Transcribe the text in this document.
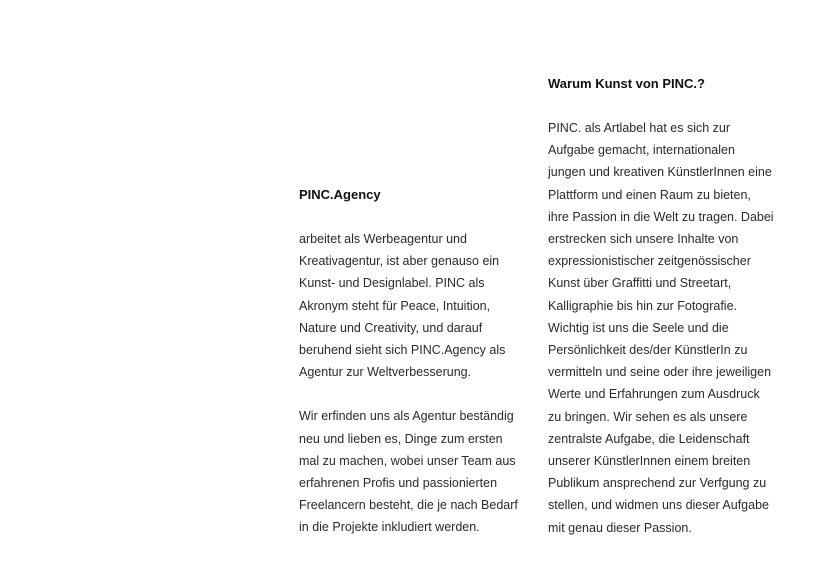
PINC.Agency

arbeitet als Werbeagentur und
Kreativagentur, ist aber genauso ein
Kunst- und Designlabel. PINC als
Akronym steht für Peace, Intuition,
Nature und Creativity, und darauf
beruhend sieht sich PINC.Agency als
Agentur zur Weltverbesserung.

Wir erfinden uns als Agentur beständig
neu und lieben es, Dinge zum ersten
mal zu machen, wobei unser Team aus
erfahrenen Profis und passionierten
Freelancern besteht, die je nach Bedarf
in die Projekte inkludiert werden.

Warum Kunst von PINC.?

PINC. als Artlabel hat es sich zur
Aufgabe gemacht, internationalen
jungen und kreativen KünstlerInnen eine
Plattform und einen Raum zu bieten,
ihre Passion in die Welt zu tragen. Dabei
erstrecken sich unsere Inhalte von
expressionistischer zeitgenössischer
Kunst über Graffitti und Streetart,
Kalligraphie bis hin zur Fotografie.
Wichtig ist uns die Seele und die
Persönlichkeit des/der KünstlerIn zu
vermitteln und seine oder ihre jeweiligen
Werte und Erfahrungen zum Ausdruck
zu bringen. Wir sehen es als unsere
zentralste Aufgabe, die Leidenschaft
unserer KünstlerInnen einem breiten
Publikum ansprechend zur Verfgung zu
stellen, und widmen uns dieser Aufgabe
mit genau dieser Passion.
